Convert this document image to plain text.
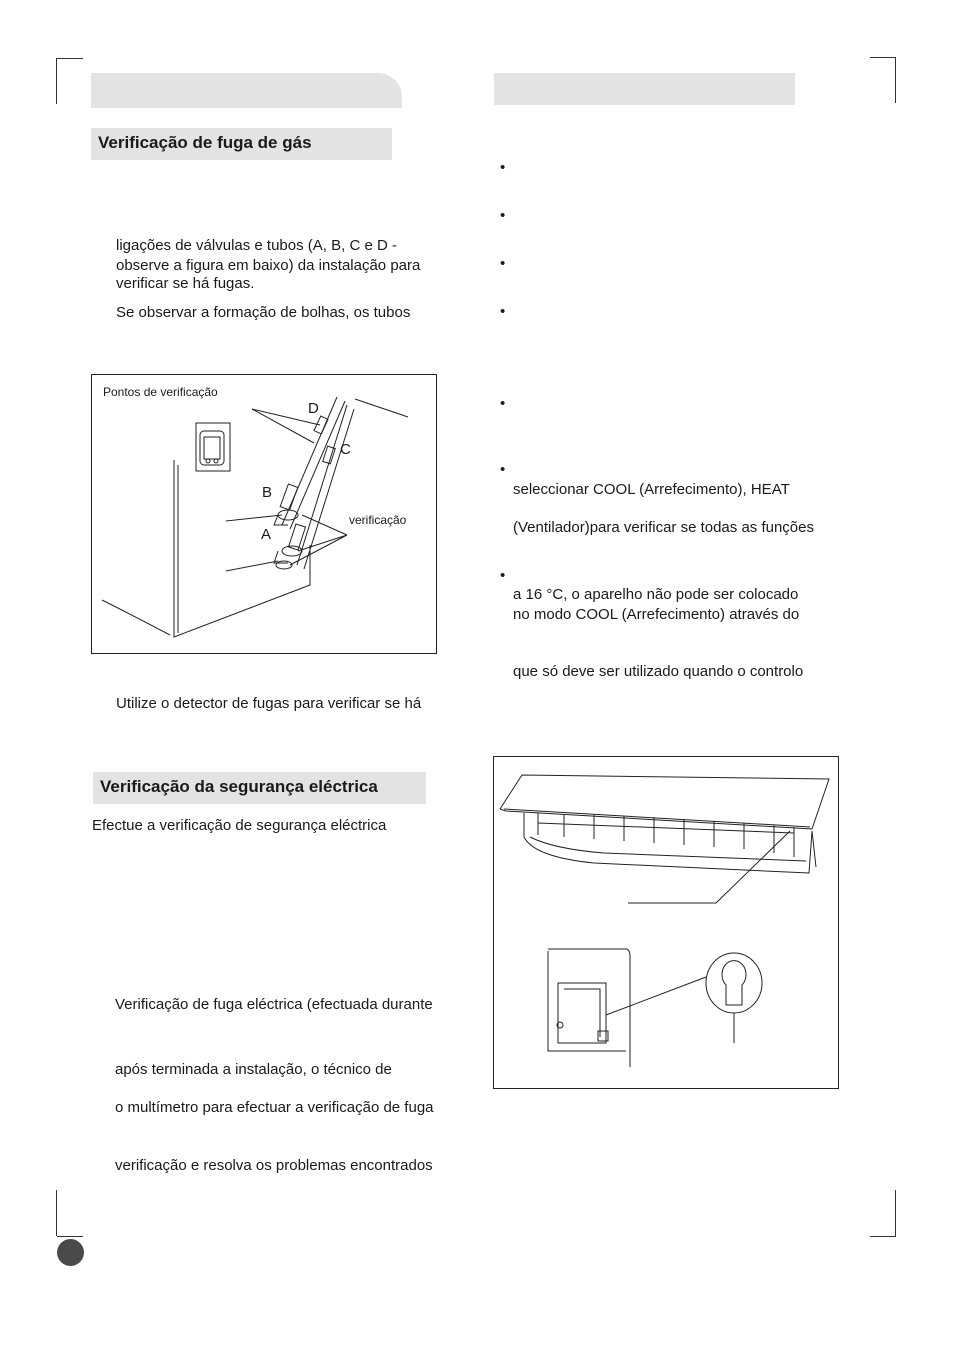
Verificação de fuga de gás
ligações de válvulas e tubos (A, B, C e D -
observe a figura em baixo) da instalação para
verificar se há fugas.
Se observar a formação de bolhas, os tubos
Pontos de verificação
verificação
D
C
B
A
Utilize o detector de fugas para verificar se há
Verificação da segurança eléctrica
Efectue a verificação de segurança eléctrica
Verificação de fuga eléctrica (efectuada durante
após terminada a instalação, o técnico de
o multímetro para efectuar a verificação de fuga
verificação e resolva os problemas encontrados
•
•
•
•
•
•
seleccionar COOL (Arrefecimento), HEAT
(Ventilador)para verificar se todas as funções
•
a 16 °C, o aparelho não pode ser colocado
no modo COOL (Arrefecimento) através do
que só deve ser utilizado quando o controlo
